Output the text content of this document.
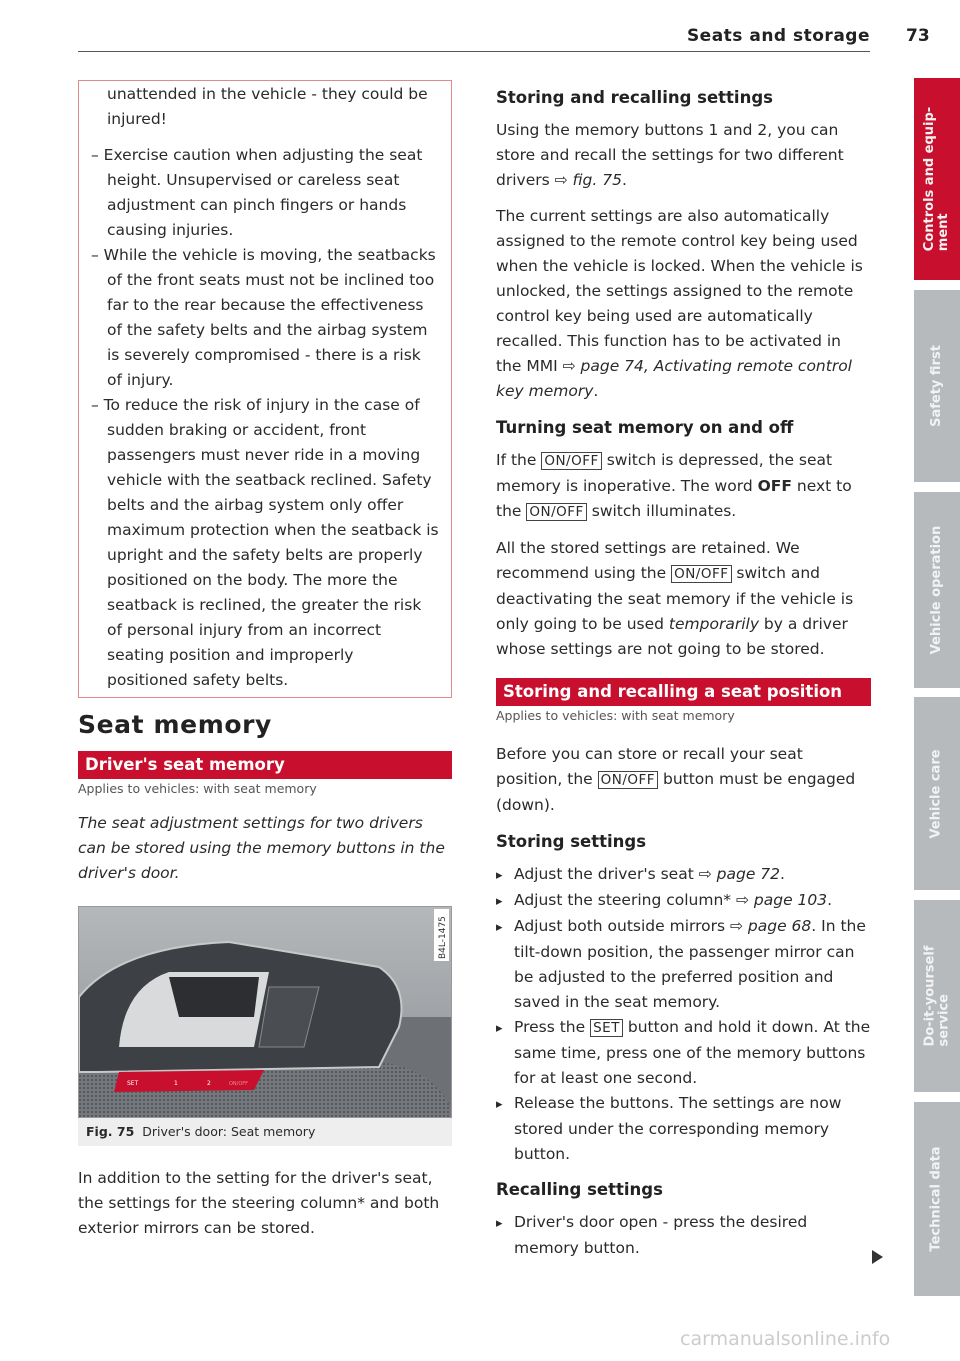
Seats and storage 73

unattended in the vehicle - they could be injured!

– Exercise caution when adjusting the seat height. Unsupervised or careless seat adjustment can pinch fingers or hands causing injuries.

– While the vehicle is moving, the seatbacks of the front seats must not be inclined too far to the rear because the effectiveness of the safety belts and the airbag system is severely compromised - there is a risk of injury.

– To reduce the risk of injury in the case of sudden braking or accident, front passengers must never ride in a moving vehicle with the seatback reclined. Safety belts and the airbag system only offer maximum protection when the seatback is upright and the safety belts are properly positioned on the body. The more the seatback is reclined, the greater the risk of personal injury from an incorrect seating position and improperly positioned safety belts.

Seat memory
Driver's seat memory
Applies to vehicles: with seat memory

The seat adjustment settings for two drivers can be stored using the memory buttons in the driver's door.

SET	1	2	ON/OFF
B4L-1475
Fig. 75 Driver's door: Seat memory

In addition to the setting for the driver's seat, the settings for the steering column* and both exterior mirrors can be stored.

Storing and recalling settings

Using the memory buttons 1 and 2, you can store and recall the settings for two different drivers ⇨ fig. 75.

The current settings are also automatically assigned to the remote control key being used when the vehicle is locked. When the vehicle is unlocked, the settings assigned to the remote control key being used are automatically recalled. This function has to be activated in the MMI ⇨ page 74, Activating remote control key memory.

Turning seat memory on and off

If the ON/OFF switch is depressed, the seat memory is inoperative. The word OFF next to the ON/OFF switch illuminates.

All the stored settings are retained. We recommend using the ON/OFF switch and deactivating the seat memory if the vehicle is only going to be used temporarily by a driver whose settings are not going to be stored.

Storing and recalling a seat position
Applies to vehicles: with seat memory

Before you can store or recall your seat position, the ON/OFF button must be engaged (down).

Storing settings

▸ Adjust the driver's seat ⇨ page 72.

▸ Adjust the steering column* ⇨ page 103.

▸ Adjust both outside mirrors ⇨ page 68. In the tilt-down position, the passenger mirror can be adjusted to the preferred position and saved in the seat memory.

▸ Press the SET button and hold it down. At the same time, press one of the memory buttons for at least one second.

▸ Release the buttons. The settings are now stored under the corresponding memory button.

Recalling settings

▸ Driver's door open - press the desired memory button.

Controls and equip-
ment
Safety first
Vehicle operation
Vehicle care
Do-it-yourself
service
Technical data
carmanualsonline.info
